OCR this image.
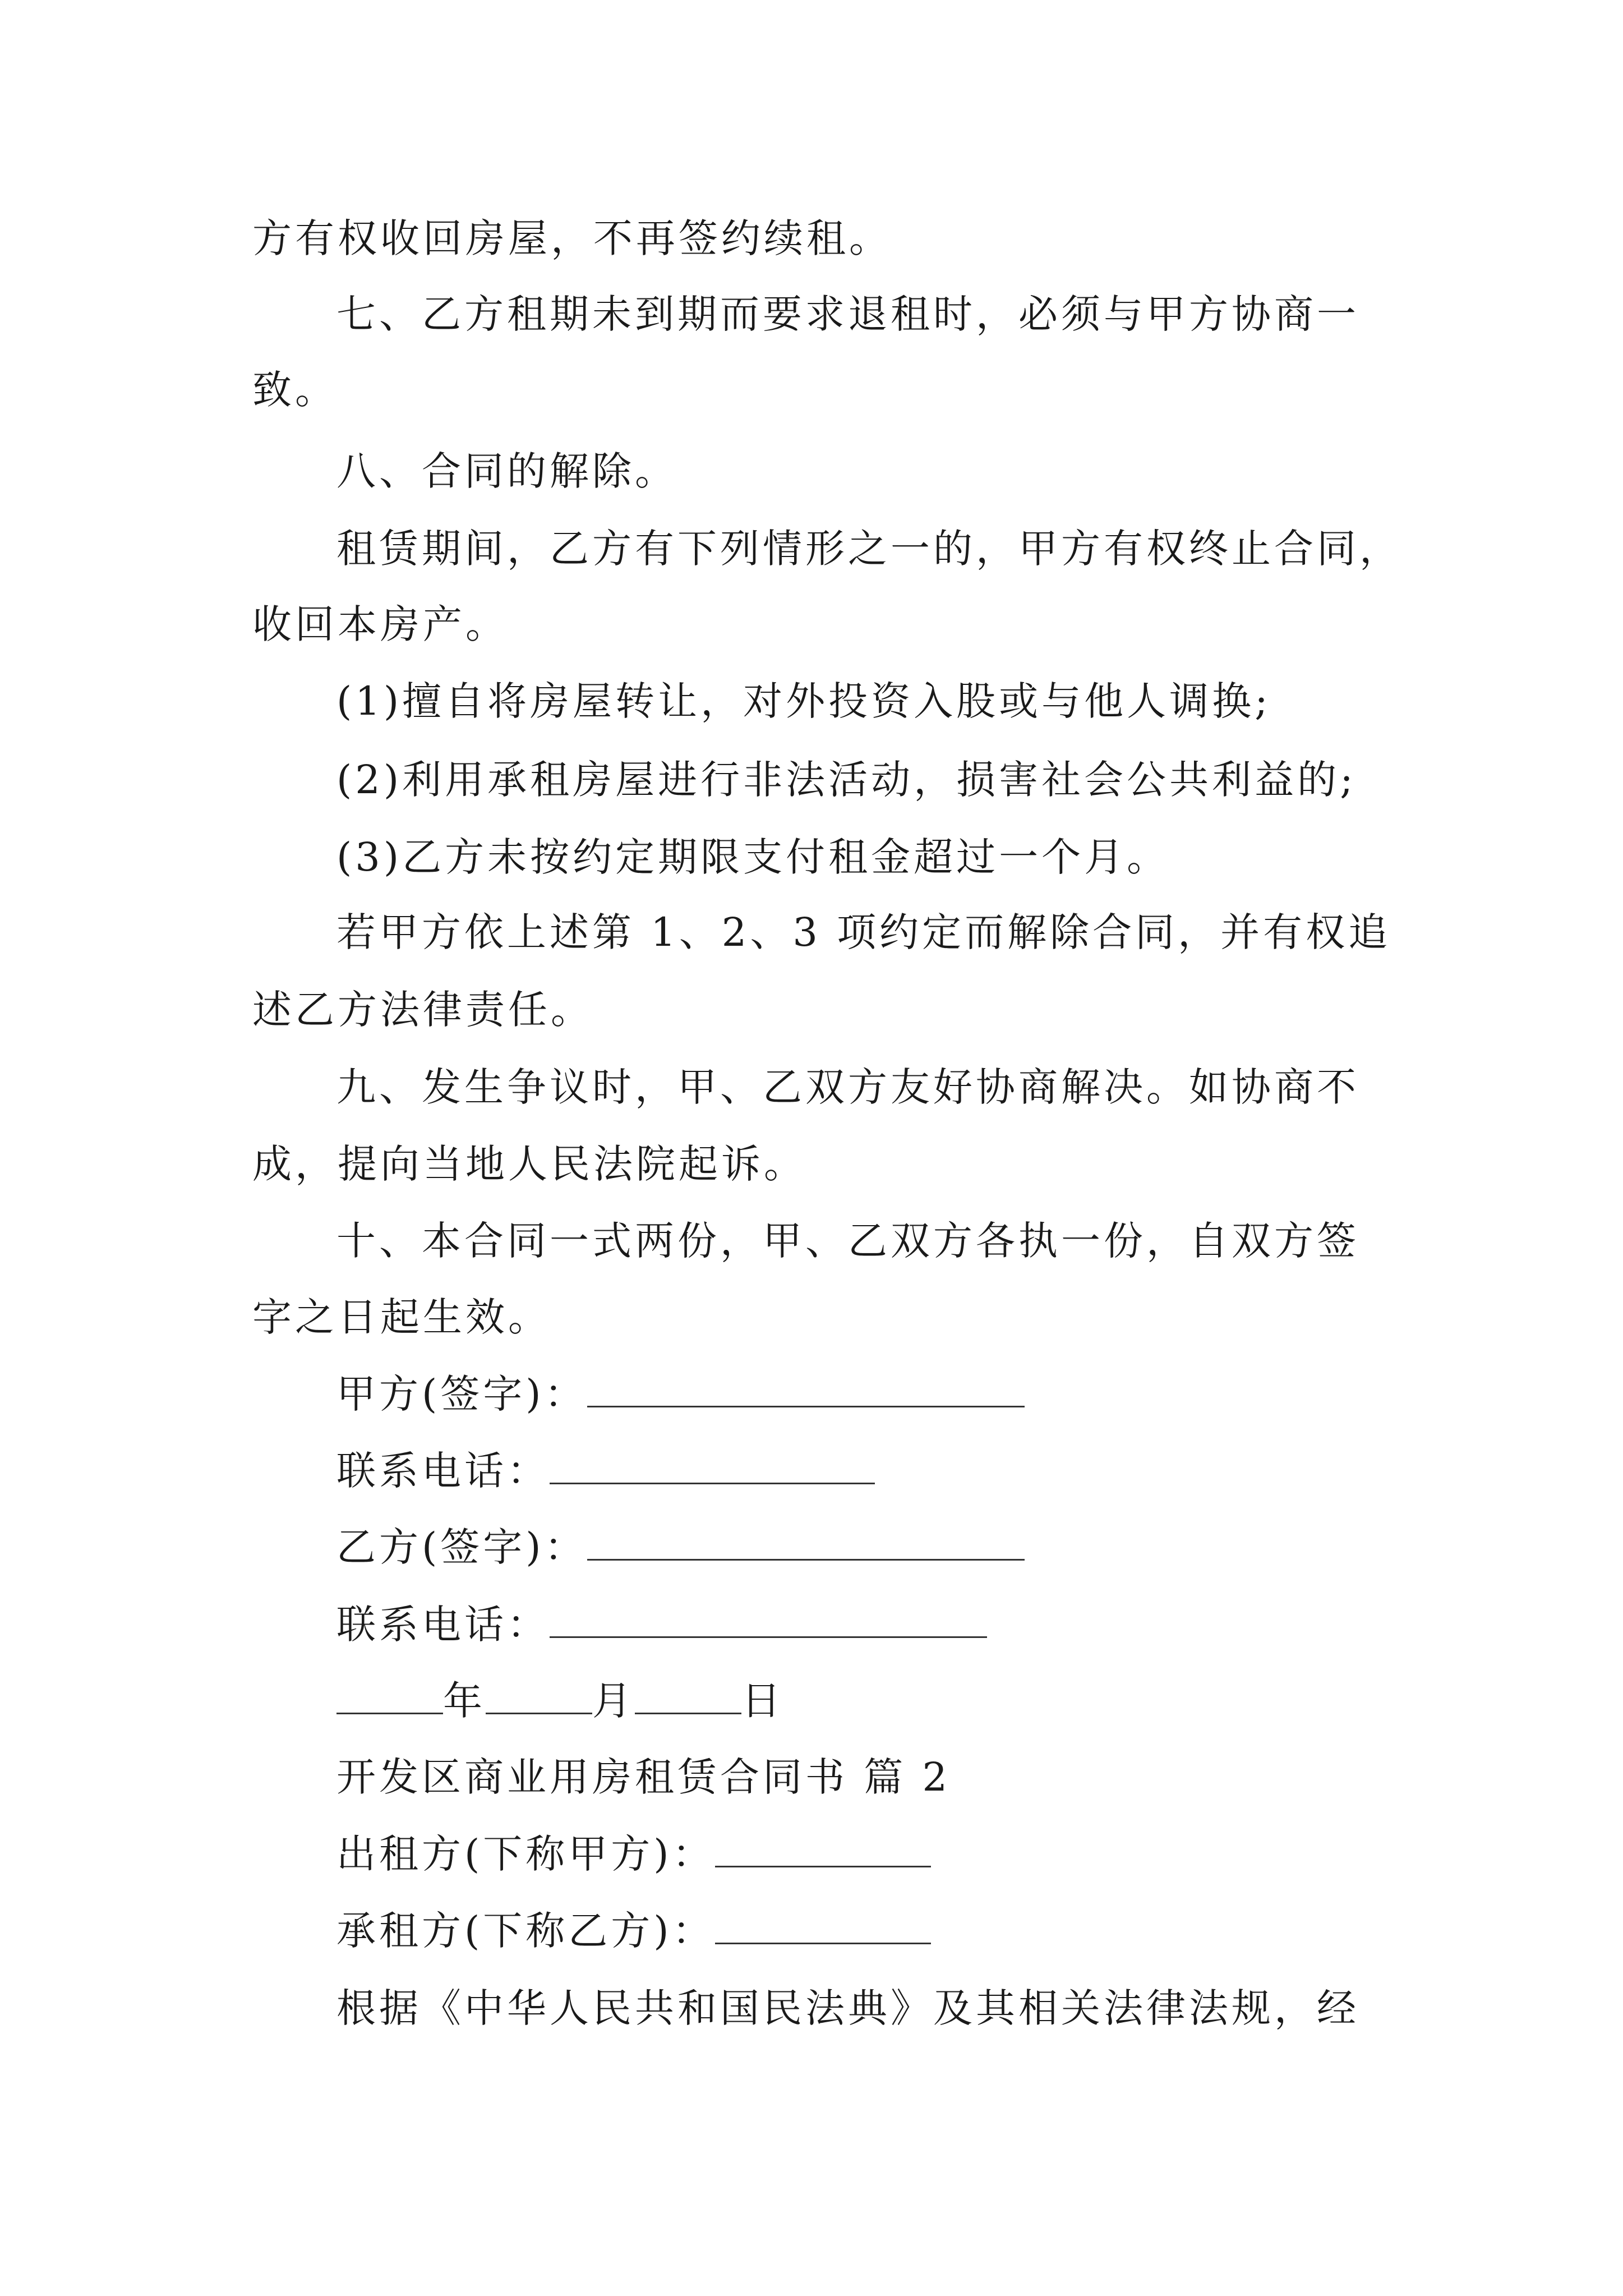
方有权收回房屋，不再签约续租。
七、乙方租期未到期而要求退租时，必须与甲方协商一
致。
八、合同的解除。
租赁期间，乙方有下列情形之一的，甲方有权终止合同，
收回本房产。
(1)擅自将房屋转让，对外投资入股或与他人调换;
(2)利用承租房屋进行非法活动，损害社会公共利益的;
(3)乙方未按约定期限支付租金超过一个月。
若甲方依上述第 1、2、3 项约定而解除合同，并有权追
述乙方法律责任。
九、发生争议时，甲、乙双方友好协商解决。如协商不
成，提向当地人民法院起诉。
十、本合同一式两份，甲、乙双方各执一份，自双方签
字之日起生效。
甲方(签字)：
联系电话：
乙方(签字)：
联系电话：
年	月	日
开发区商业用房租赁合同书 篇 2
出租方(下称甲方)：
承租方(下称乙方)：
根据《中华人民共和国民法典》及其相关法律法规，经
